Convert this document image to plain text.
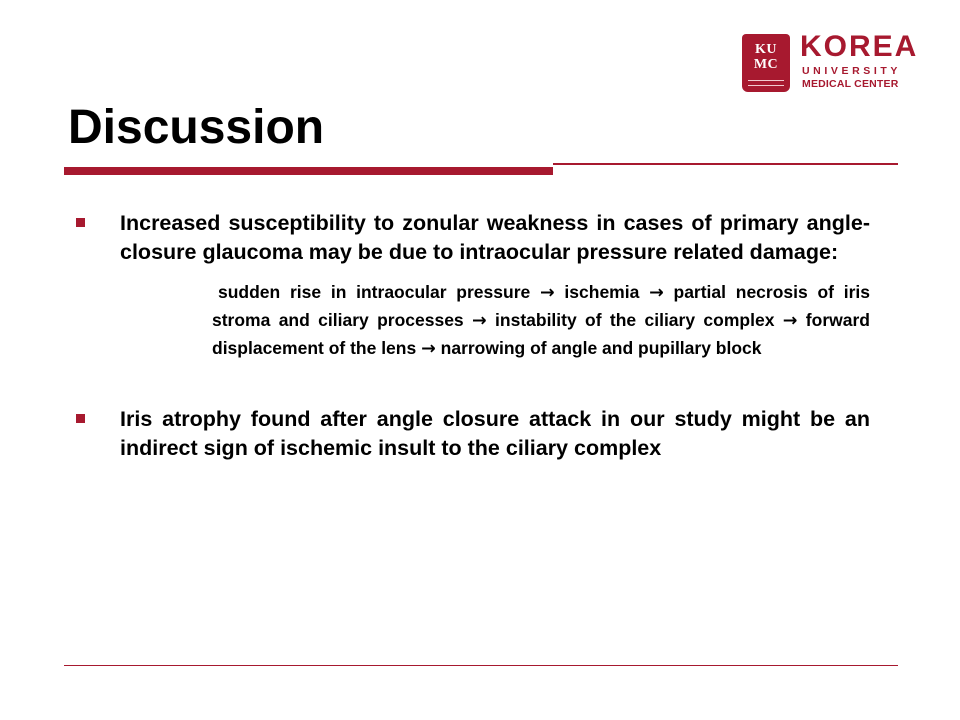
KU
MC
KOREA
UNIVERSITY
MEDICAL CENTER
Discussion

Increased susceptibility to zonular weakness in cases of primary angle-closure glaucoma may be due to intraocular pressure related damage:

sudden rise in intraocular pressure → ischemia → partial necrosis of iris stroma and ciliary processes → instability of the ciliary complex → forward displacement of the lens → narrowing of angle and pupillary block

Iris atrophy found after angle closure attack in our study might be an indirect sign of ischemic insult to the ciliary complex
